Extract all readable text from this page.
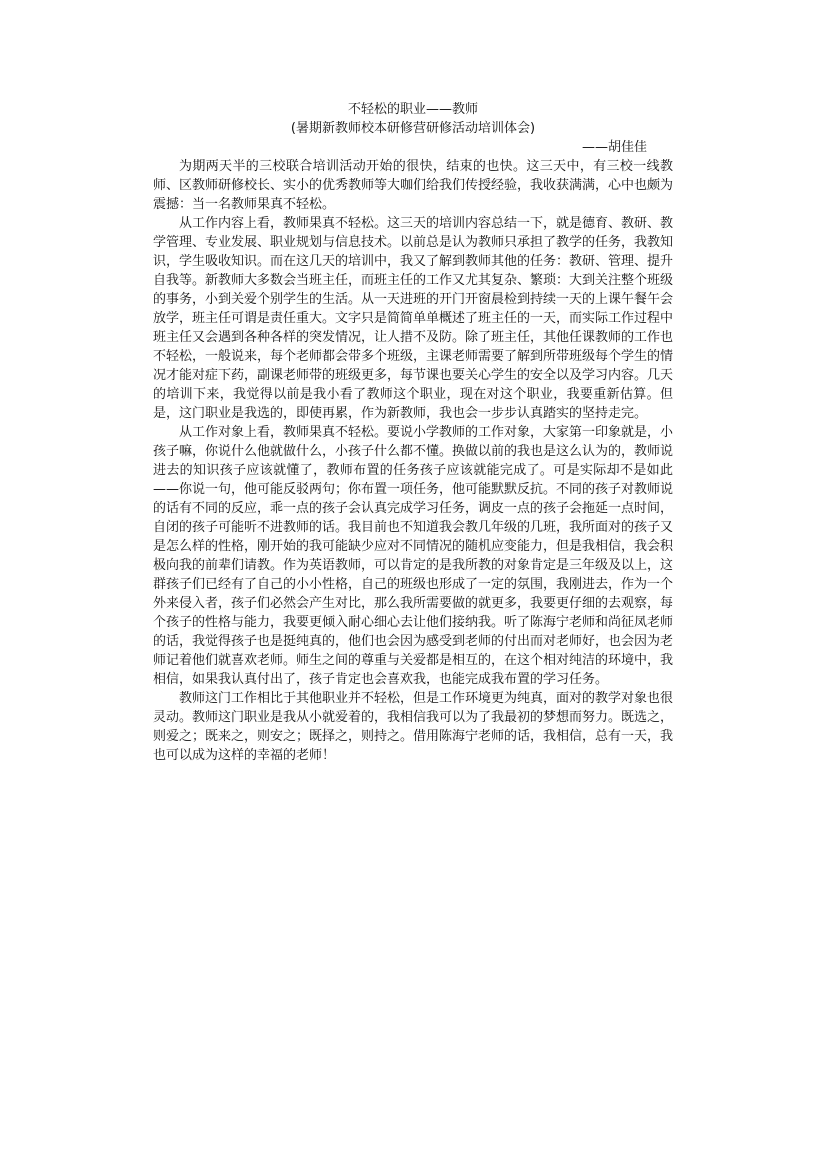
不轻松的职业——教师

(暑期新教师校本研修营研修活动培训体会)

——胡佳佳

为期两天半的三校联合培训活动开始的很快，结束的也快。这三天中，有三校一线教师、区教师研修校长、实小的优秀教师等大咖们给我们传授经验，我收获满满，心中也颇为震撼：当一名教师果真不轻松。

从工作内容上看，教师果真不轻松。这三天的培训内容总结一下，就是德育、教研、教学管理、专业发展、职业规划与信息技术。以前总是认为教师只承担了教学的任务，我教知识，学生吸收知识。而在这几天的培训中，我又了解到教师其他的任务：教研、管理、提升自我等。新教师大多数会当班主任，而班主任的工作又尤其复杂、繁琐：大到关注整个班级的事务，小到关爱个别学生的生活。从一天进班的开门开窗晨检到持续一天的上课午餐午会放学，班主任可谓是责任重大。文字只是简简单单概述了班主任的一天，而实际工作过程中班主任又会遇到各种各样的突发情况，让人措不及防。除了班主任，其他任课教师的工作也不轻松，一般说来，每个老师都会带多个班级，主课老师需要了解到所带班级每个学生的情况才能对症下药，副课老师带的班级更多，每节课也要关心学生的安全以及学习内容。几天的培训下来，我觉得以前是我小看了教师这个职业，现在对这个职业，我要重新估算。但是，这门职业是我选的，即使再累，作为新教师，我也会一步步认真踏实的坚持走完。

从工作对象上看，教师果真不轻松。要说小学教师的工作对象，大家第一印象就是，小孩子嘛，你说什么他就做什么，小孩子什么都不懂。换做以前的我也是这么认为的，教师说进去的知识孩子应该就懂了，教师布置的任务孩子应该就能完成了。可是实际却不是如此——你说一句，他可能反驳两句；你布置一项任务，他可能默默反抗。不同的孩子对教师说的话有不同的反应，乖一点的孩子会认真完成学习任务，调皮一点的孩子会拖延一点时间，自闭的孩子可能听不进教师的话。我目前也不知道我会教几年级的几班，我所面对的孩子又是怎么样的性格，刚开始的我可能缺少应对不同情况的随机应变能力，但是我相信，我会积极向我的前辈们请教。作为英语教师，可以肯定的是我所教的对象肯定是三年级及以上，这群孩子们已经有了自己的小小性格，自己的班级也形成了一定的氛围，我刚进去，作为一个外来侵入者，孩子们必然会产生对比，那么我所需要做的就更多，我要更仔细的去观察，每个孩子的性格与能力，我要更倾入耐心细心去让他们接纳我。听了陈海宁老师和尚征凤老师的话，我觉得孩子也是挺纯真的，他们也会因为感受到老师的付出而对老师好，也会因为老师记着他们就喜欢老师。师生之间的尊重与关爱都是相互的，在这个相对纯洁的环境中，我相信，如果我认真付出了，孩子肯定也会喜欢我，也能完成我布置的学习任务。

教师这门工作相比于其他职业并不轻松，但是工作环境更为纯真，面对的教学对象也很灵动。教师这门职业是我从小就爱着的，我相信我可以为了我最初的梦想而努力。既选之，则爱之；既来之，则安之；既择之，则持之。借用陈海宁老师的话，我相信，总有一天，我也可以成为这样的幸福的老师！
